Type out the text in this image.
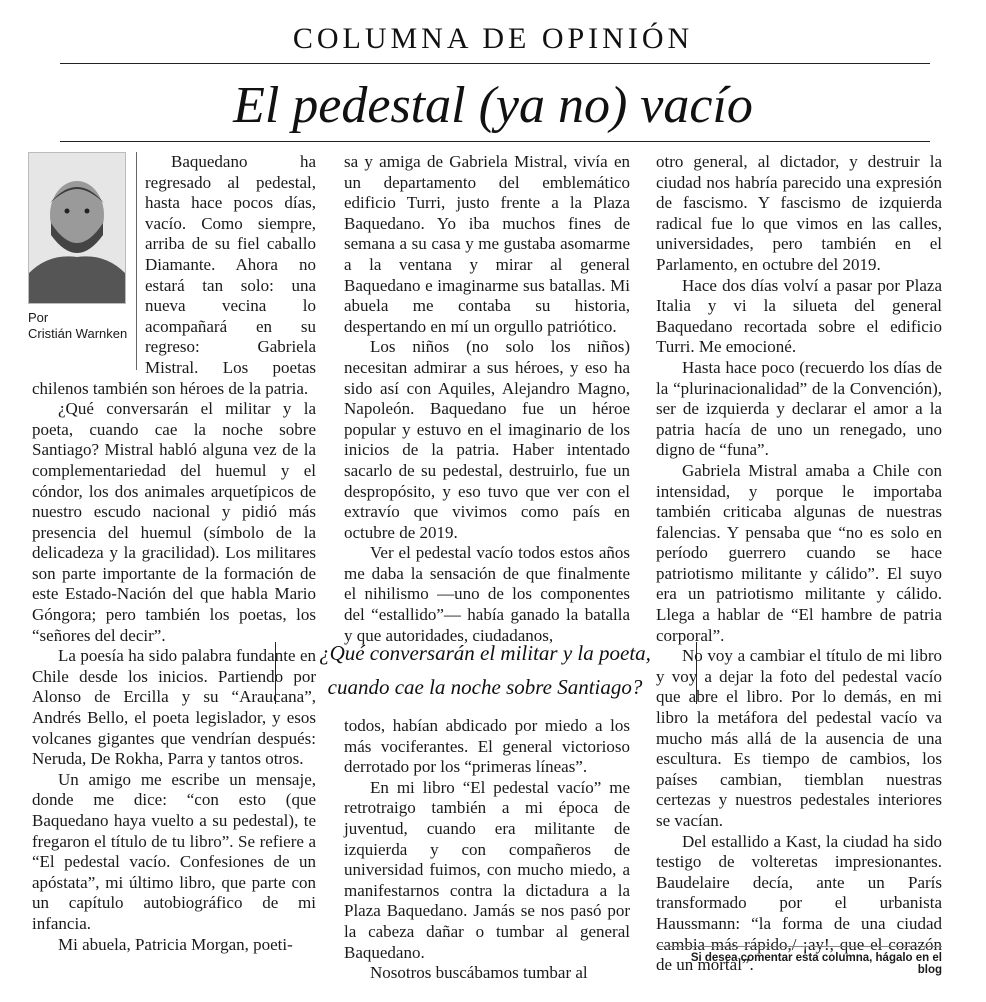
COLUMNA DE OPINIÓN
El pedestal (ya no) vacío
Por
Cristián Warnken

Baquedano ha regresado al pedestal, hasta hace pocos días, vacío. Como siempre, arriba de su fiel caballo Diamante. Ahora no estará tan solo: una nueva vecina lo acompañará en su regreso: Gabriela Mistral. Los poetas chilenos también son héroes de la patria.

¿Qué conversarán el militar y la poeta, cuando cae la noche sobre Santiago? Mistral habló alguna vez de la complementariedad del huemul y el cóndor, los dos animales arquetípicos de nuestro escudo nacional y pidió más presencia del huemul (símbolo de la delicadeza y la gracilidad). Los militares son parte importante de la formación de este Estado-Nación del que habla Mario Góngora; pero también los poetas, los “señores del decir”.

La poesía ha sido palabra fundante en Chile desde los inicios. Partiendo por Alonso de Ercilla y su “Araucana”, Andrés Bello, el poeta legislador, y esos volcanes gigantes que vendrían después: Neruda, De Rokha, Parra y tantos otros.

Un amigo me escribe un mensaje, donde me dice: “con esto (que Baquedano haya vuelto a su pedestal), te fregaron el título de tu libro”. Se refiere a “El pedestal vacío. Confesiones de un apóstata”, mi último libro, que parte con un capítulo autobiográfico de mi infancia.

Mi abuela, Patricia Morgan, poeti-

sa y amiga de Gabriela Mistral, vivía en un departamento del emblemático edificio Turri, justo frente a la Plaza Baquedano. Yo iba muchos fines de semana a su casa y me gustaba asomarme a la ventana y mirar al general Baquedano e imaginarme sus batallas. Mi abuela me contaba su historia, despertando en mí un orgullo patriótico.

Los niños (no solo los niños) necesitan admirar a sus héroes, y eso ha sido así con Aquiles, Alejandro Magno, Napoleón. Baquedano fue un héroe popular y estuvo en el imaginario de los inicios de la patria. Haber intentado sacarlo de su pedestal, destruirlo, fue un despropósito, y eso tuvo que ver con el extravío que vivimos como país en octubre de 2019.

Ver el pedestal vacío todos estos años me daba la sensación de que finalmente el nihilismo —uno de los componentes del “estallido”— había ganado la batalla y que autoridades, ciudadanos,

¿Qué conversarán el militar y la poeta,
cuando cae la noche sobre Santiago?

todos, habían abdicado por miedo a los más vociferantes. El general victorioso derrotado por los “primeras líneas”.

En mi libro “El pedestal vacío” me retrotraigo también a mi época de juventud, cuando era militante de izquierda y con compañeros de universidad fuimos, con mucho miedo, a manifestarnos contra la dictadura a la Plaza Baquedano. Jamás se nos pasó por la cabeza dañar o tumbar al general Baquedano.

Nosotros buscábamos tumbar al

otro general, al dictador, y destruir la ciudad nos habría parecido una expresión de fascismo. Y fascismo de izquierda radical fue lo que vimos en las calles, universidades, pero también en el Parlamento, en octubre del 2019.

Hace dos días volví a pasar por Plaza Italia y vi la silueta del general Baquedano recortada sobre el edificio Turri. Me emocioné.

Hasta hace poco (recuerdo los días de la “plurinacionalidad” de la Convención), ser de izquierda y declarar el amor a la patria hacía de uno un renegado, uno digno de “funa”.

Gabriela Mistral amaba a Chile con intensidad, y porque le importaba también criticaba algunas de nuestras falencias. Y pensaba que “no es solo en período guerrero cuando se hace patriotismo militante y cálido”. El suyo era un patriotismo militante y cálido. Llega a hablar de “El hambre de patria corporal”.

No voy a cambiar el título de mi libro y voy a dejar la foto del pedestal vacío que abre el libro. Por lo demás, en mi libro la metáfora del pedestal vacío va mucho más allá de la ausencia de una escultura. Es tiempo de cambios, los países cambian, tiemblan nuestras certezas y nuestros pedestales interiores se vacían.

Del estallido a Kast, la ciudad ha sido testigo de volteretas impresionantes. Baudelaire decía, ante un París transformado por el urbanista Haussmann: “la forma de una ciudad cambia más rápido,/ ¡ay!, que el corazón de un mortal”.

Si desea comentar esta columna, hágalo en el blog
